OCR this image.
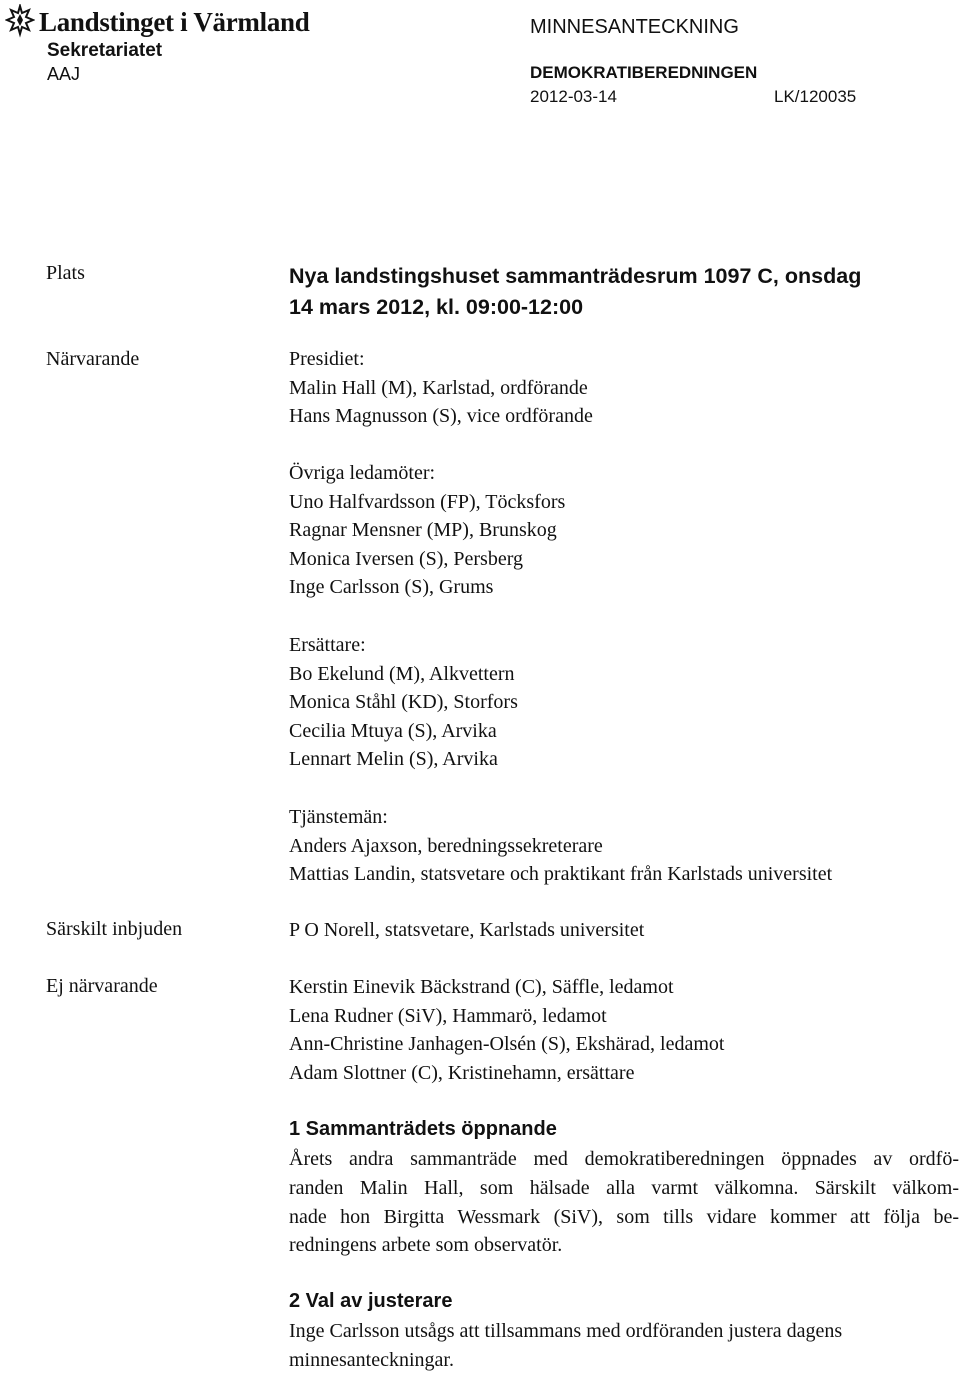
Landstinget i Värmland
Sekretariatet
AAJ
MINNESANTECKNING
DEMOKRATIBEREDNINGEN
2012-03-14	LK/120035
Plats	Nya landstingshuset sammanträdesrum 1097 C, onsdag
14 mars 2012, kl. 09:00-12:00
Närvarande	Presidiet:
Malin Hall (M), Karlstad, ordförande
Hans Magnusson (S), vice ordförande
Övriga ledamöter:
Uno Halfvardsson (FP), Töcksfors
Ragnar Mensner (MP), Brunskog
Monica Iversen (S), Persberg
Inge Carlsson (S), Grums
Ersättare:
Bo Ekelund (M), Alkvettern
Monica Ståhl (KD), Storfors
Cecilia Mtuya (S), Arvika
Lennart Melin (S), Arvika
Tjänstemän:
Anders Ajaxson, beredningssekreterare
Mattias Landin, statsvetare och praktikant från Karlstads universitet
Särskilt inbjuden	P O Norell, statsvetare, Karlstads universitet
Ej närvarande	Kerstin Einevik Bäckstrand (C), Säffle, ledamot
Lena Rudner (SiV), Hammarö, ledamot
Ann-Christine Janhagen-Olsén (S), Ekshärad, ledamot
Adam Slottner (C), Kristinehamn, ersättare
1 Sammanträdets öppnande
Årets andra sammanträde med demokratiberedningen öppnades av ordfö-
randen Malin Hall, som hälsade alla varmt välkomna. Särskilt välkom-
nade hon Birgitta Wessmark (SiV), som tills vidare kommer att följa be-
redningens arbete som observatör.
2 Val av justerare
Inge Carlsson utsågs att tillsammans med ordföranden justera dagens
minnesanteckningar.
